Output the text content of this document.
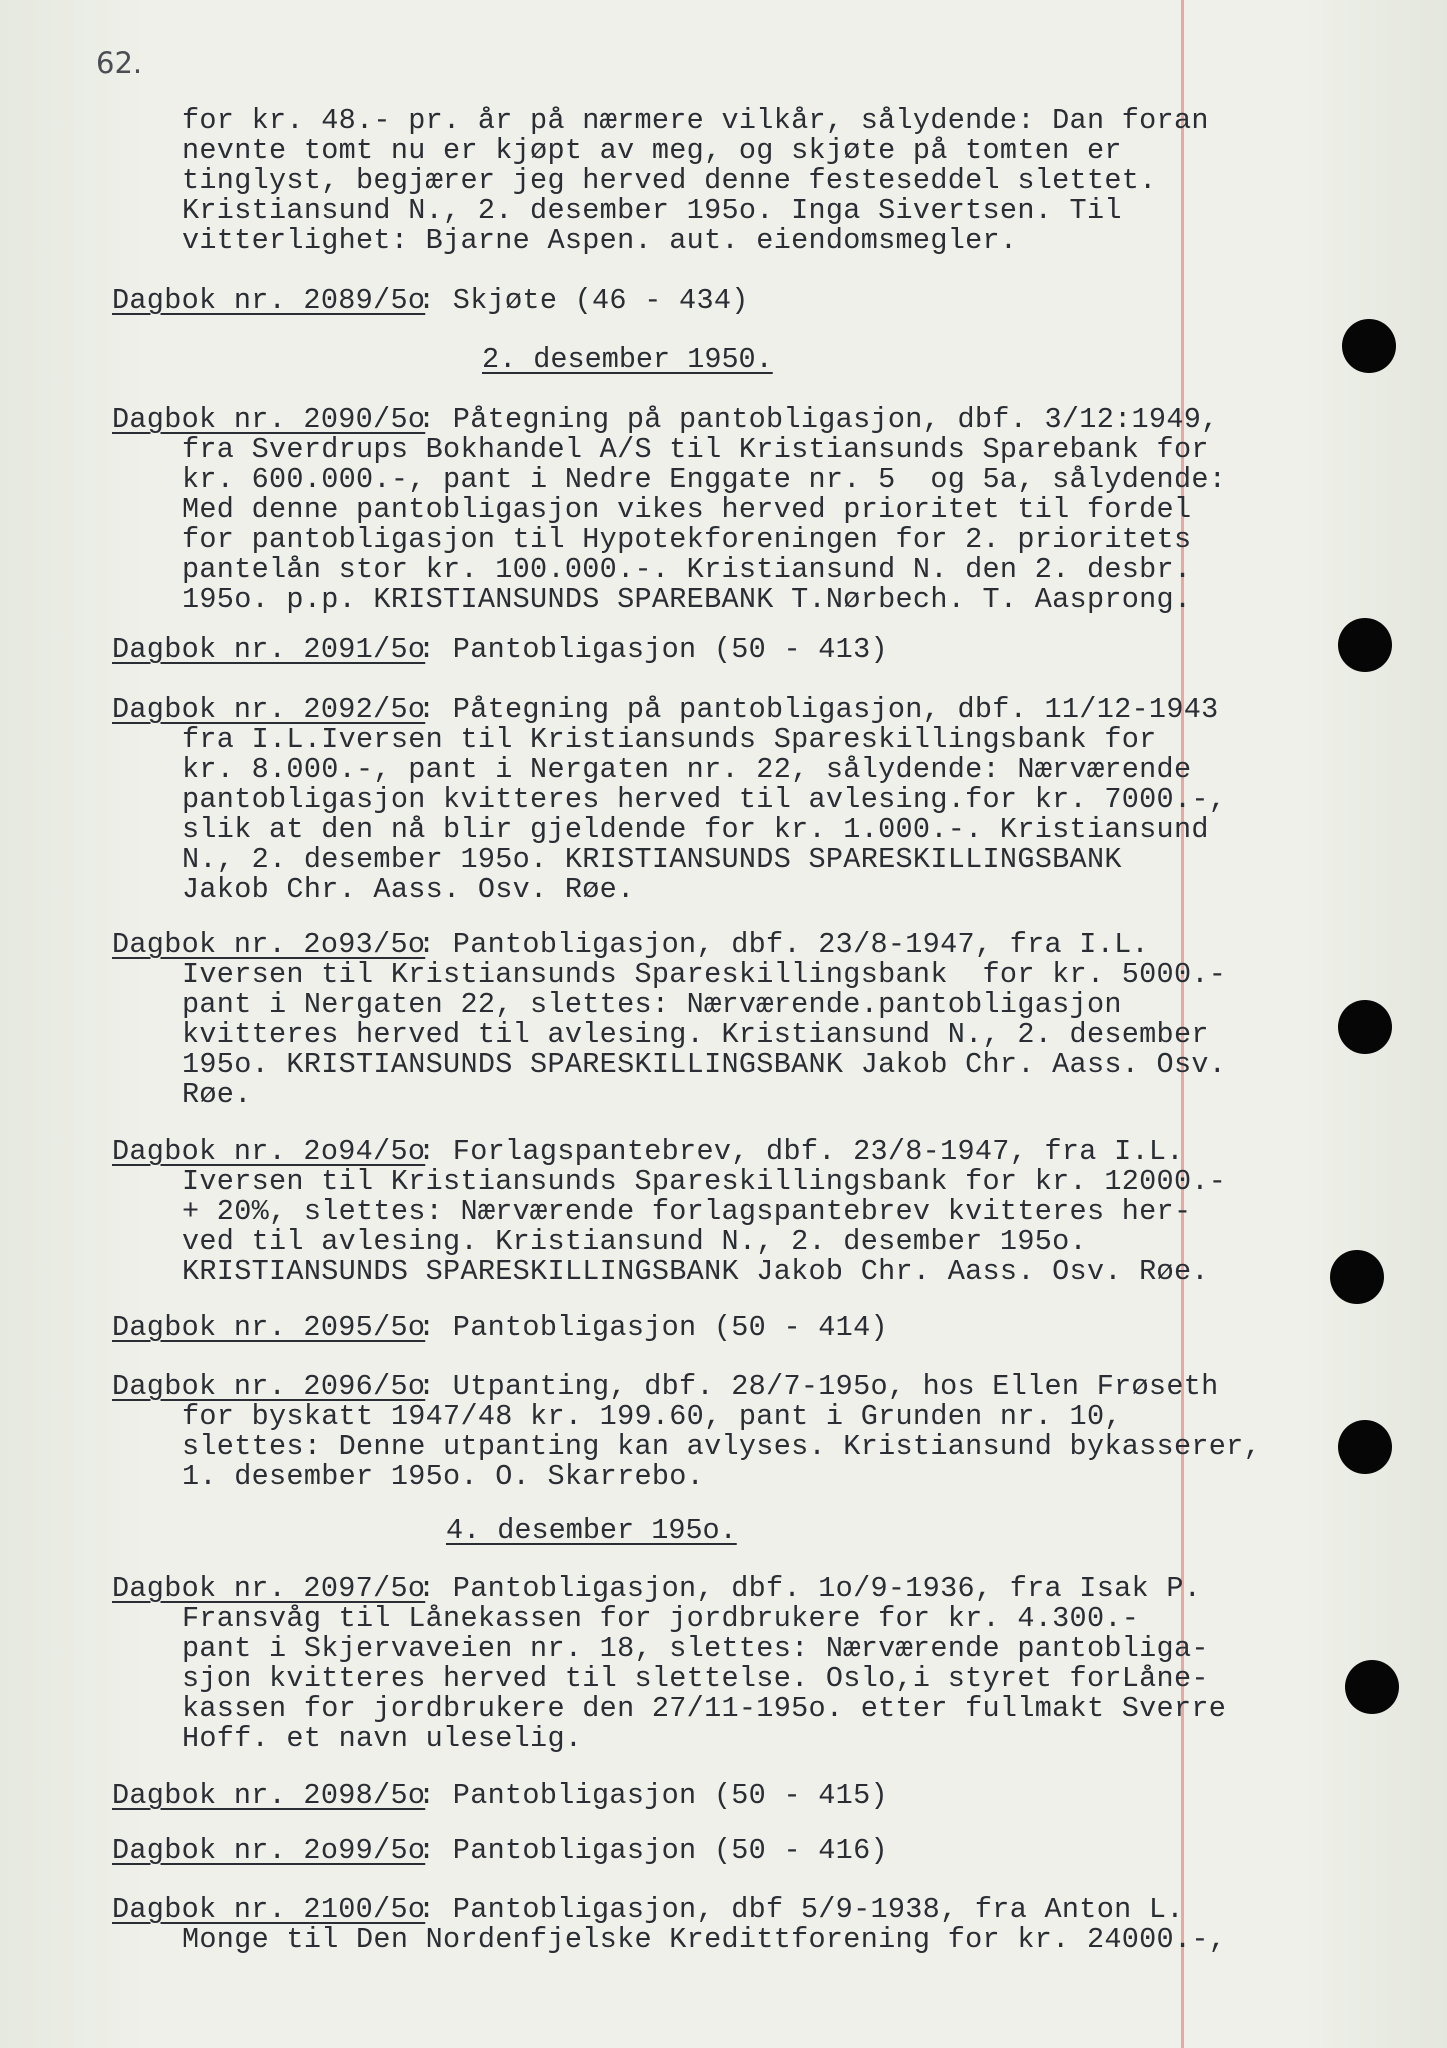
62.
for kr. 48.- pr. år på nærmere vilkår, sålydende: Dan foran
nevnte tomt nu er kjøpt av meg, og skjøte på tomten er
tinglyst, begjærer jeg herved denne festeseddel slettet.
Kristiansund N., 2. desember 195o. Inga Sivertsen. Til
vitterlighet: Bjarne Aspen. aut. eiendomsmegler.
Dagbok nr. 2089/5o
: Skjøte (46 - 434)
2. desember 1950.
Dagbok nr. 2090/5o
: Påtegning på pantobligasjon, dbf. 3/12:1949,
fra Sverdrups Bokhandel A/S til Kristiansunds Sparebank for
kr. 600.000.-, pant i Nedre Enggate nr. 5  og 5a, sålydende:
Med denne pantobligasjon vikes herved prioritet til fordel
for pantobligasjon til Hypotekforeningen for 2. prioritets
pantelån stor kr. 100.000.-. Kristiansund N. den 2. desbr.
195o. p.p. KRISTIANSUNDS SPAREBANK T.Nørbech. T. Aasprong.
Dagbok nr. 2091/5o
: Pantobligasjon (50 - 413)
Dagbok nr. 2092/5o
: Påtegning på pantobligasjon, dbf. 11/12-1943
fra I.L.Iversen til Kristiansunds Spareskillingsbank for
kr. 8.000.-, pant i Nergaten nr. 22, sålydende: Nærværende
pantobligasjon kvitteres herved til avlesing.for kr. 7000.-,
slik at den nå blir gjeldende for kr. 1.000.-. Kristiansund
N., 2. desember 195o. KRISTIANSUNDS SPARESKILLINGSBANK
Jakob Chr. Aass. Osv. Røe.
Dagbok nr. 2o93/5o
: Pantobligasjon, dbf. 23/8-1947, fra I.L.
Iversen til Kristiansunds Spareskillingsbank  for kr. 5000.-
pant i Nergaten 22, slettes: Nærværende.pantobligasjon
kvitteres herved til avlesing. Kristiansund N., 2. desember
195o. KRISTIANSUNDS SPARESKILLINGSBANK Jakob Chr. Aass. Osv.
Røe.
Dagbok nr. 2o94/5o
: Forlagspantebrev, dbf. 23/8-1947, fra I.L.
Iversen til Kristiansunds Spareskillingsbank for kr. 12000.-
+ 20%, slettes: Nærværende forlagspantebrev kvitteres her-
ved til avlesing. Kristiansund N., 2. desember 195o.
KRISTIANSUNDS SPARESKILLINGSBANK Jakob Chr. Aass. Osv. Røe.
Dagbok nr. 2095/5o
: Pantobligasjon (50 - 414)
Dagbok nr. 2096/5o
: Utpanting, dbf. 28/7-195o, hos Ellen Frøseth
for byskatt 1947/48 kr. 199.60, pant i Grunden nr. 10,
slettes: Denne utpanting kan avlyses. Kristiansund bykasserer,
1. desember 195o. O. Skarrebo.
4. desember 195o.
Dagbok nr. 2097/5o
: Pantobligasjon, dbf. 1o/9-1936, fra Isak P.
Fransvåg til Lånekassen for jordbrukere for kr. 4.300.-
pant i Skjervaveien nr. 18, slettes: Nærværende pantobliga-
sjon kvitteres herved til slettelse. Oslo,i styret forLåne-
kassen for jordbrukere den 27/11-195o. etter fullmakt Sverre
Hoff. et navn uleselig.
Dagbok nr. 2098/5o
: Pantobligasjon (50 - 415)
Dagbok nr. 2o99/5o
: Pantobligasjon (50 - 416)
Dagbok nr. 2100/5o
: Pantobligasjon, dbf 5/9-1938, fra Anton L.
Monge til Den Nordenfjelske Kredittforening for kr. 24000.-,
